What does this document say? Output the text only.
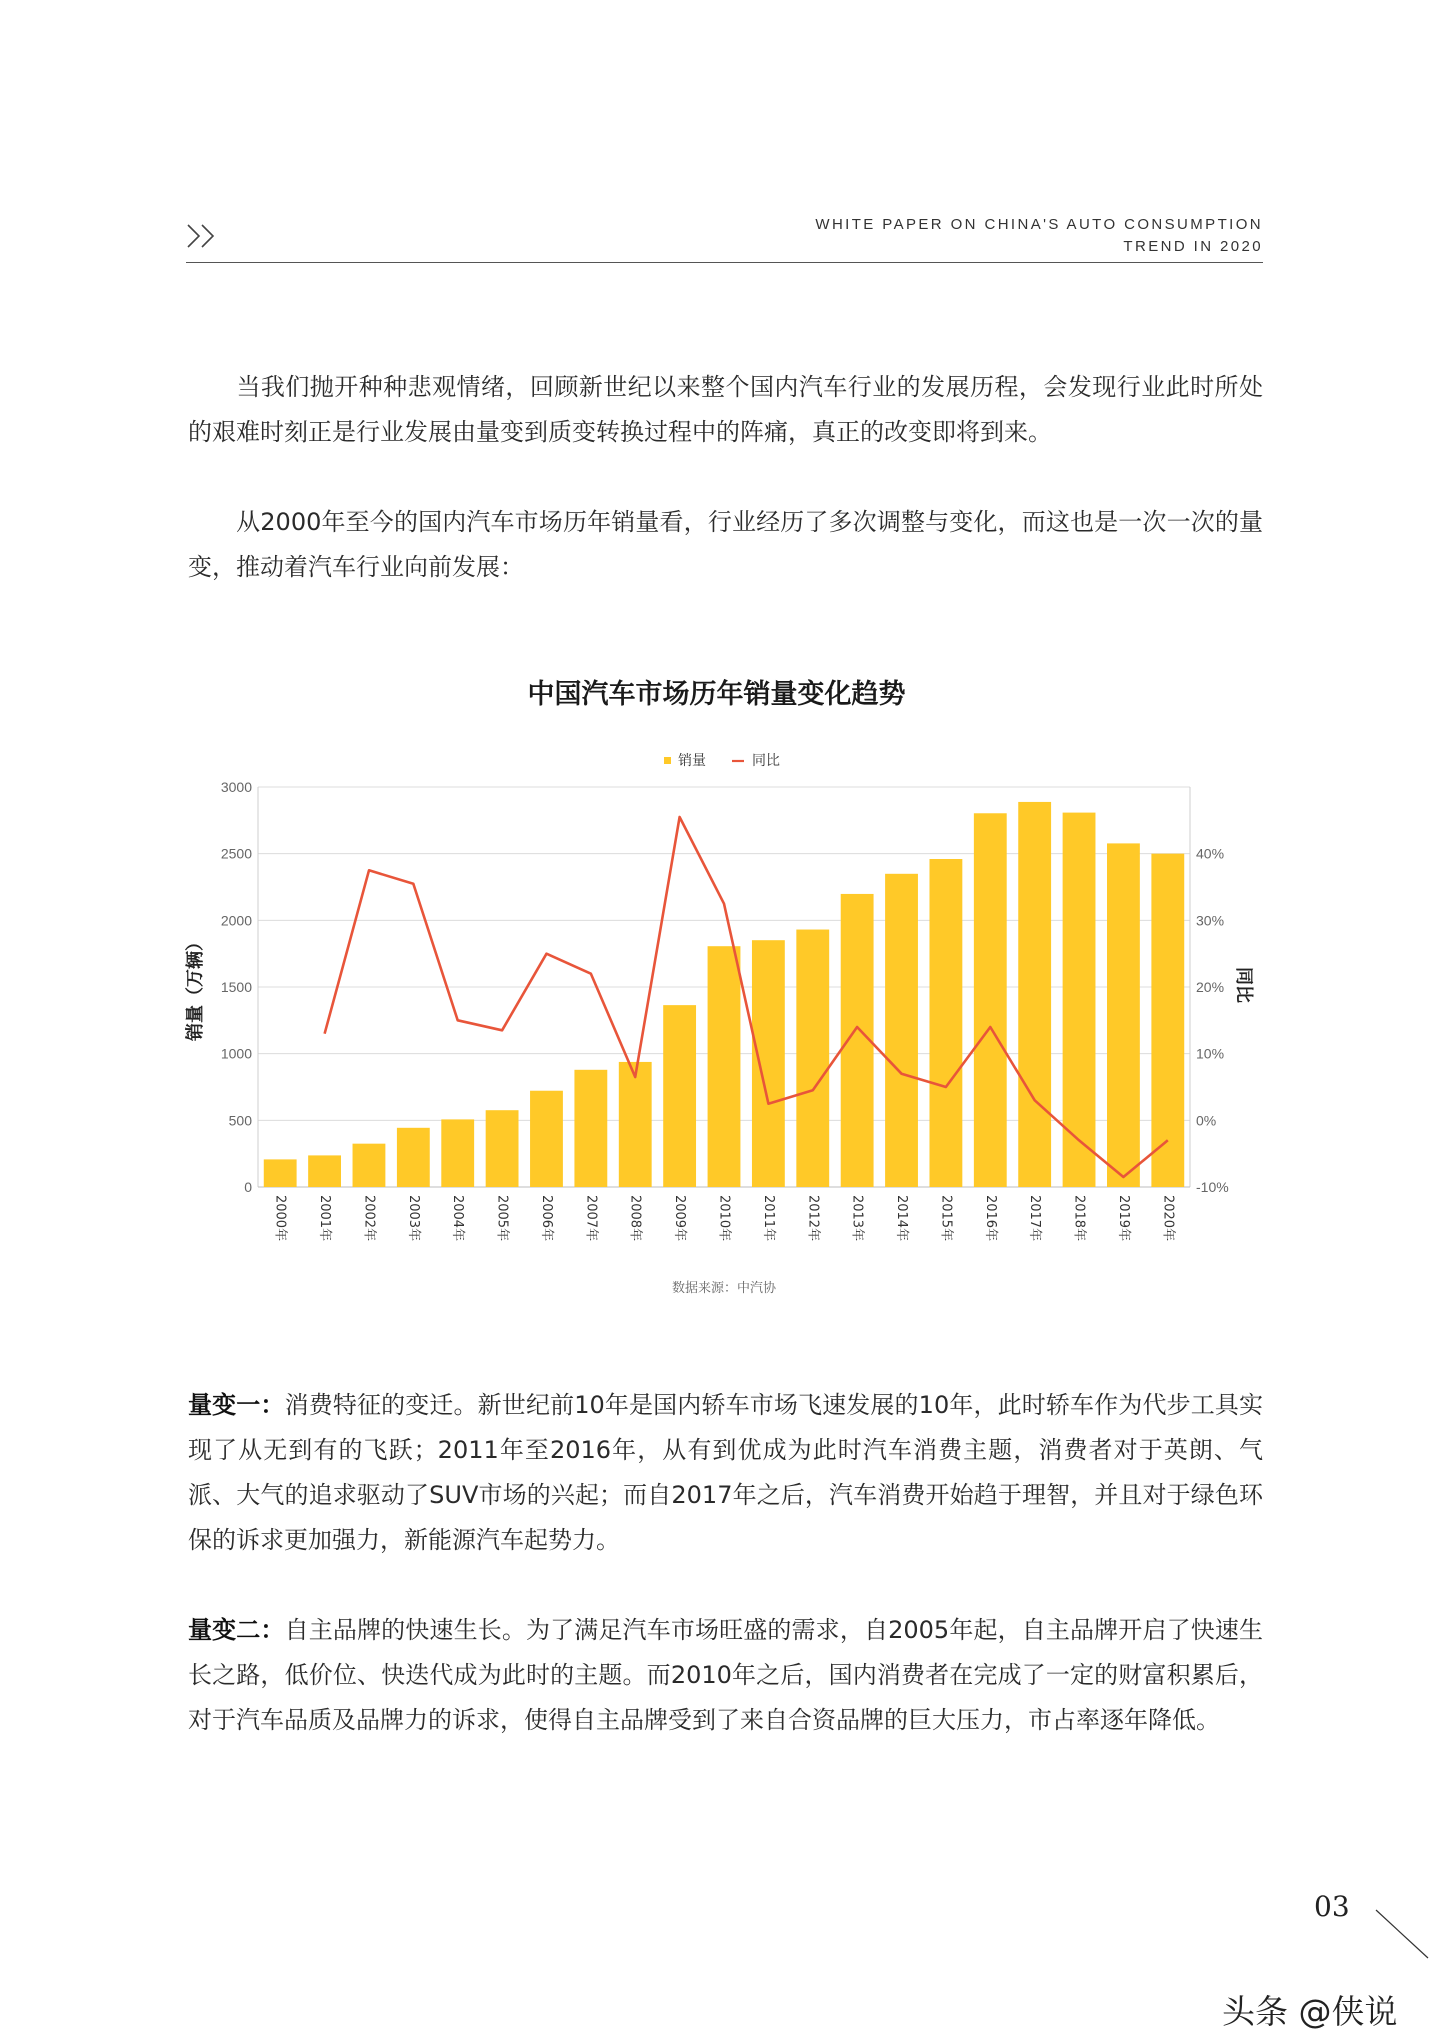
WHITE PAPER ON CHINA'S AUTO CONSUMPTION
TREND IN 2020

当我们抛开种种悲观情绪，回顾新世纪以来整个国内汽车行业的发展历程，会发现行业此时所处的艰难时刻正是行业发展由量变到质变转换过程中的阵痛，真正的改变即将到来。

从2000年至今的国内汽车市场历年销量看，行业经历了多次调整与变化，而这也是一次一次的量变，推动着汽车行业向前发展：

中国汽车市场历年销量变化趋势
0
500
1000
1500
2000
2500
3000
-10%
0%
10%
20%
30%
40%
2000年 2001年 2002年 2003年 2004年 2005年 2006年 2007年 2008年 2009年 2010年 2011年 2012年 2013年 2014年 2015年 2016年 2017年 2018年 2019年 2020年
销量	同比
销量（万辆）	同比
数据来源：中汽协

量变一：消费特征的变迁。新世纪前10年是国内轿车市场飞速发展的10年，此时轿车作为代步工具实现了从无到有的飞跃；2011年至2016年，从有到优成为此时汽车消费主题，消费者对于英朗、气派、大气的追求驱动了SUV市场的兴起；而自2017年之后，汽车消费开始趋于理智，并且对于绿色环保的诉求更加强力，新能源汽车起势力。

量变二：自主品牌的快速生长。为了满足汽车市场旺盛的需求，自2005年起，自主品牌开启了快速生长之路，低价位、快迭代成为此时的主题。而2010年之后，国内消费者在完成了一定的财富积累后，对于汽车品质及品牌力的诉求，使得自主品牌受到了来自合资品牌的巨大压力，市占率逐年降低。

03
头条 @侠说
